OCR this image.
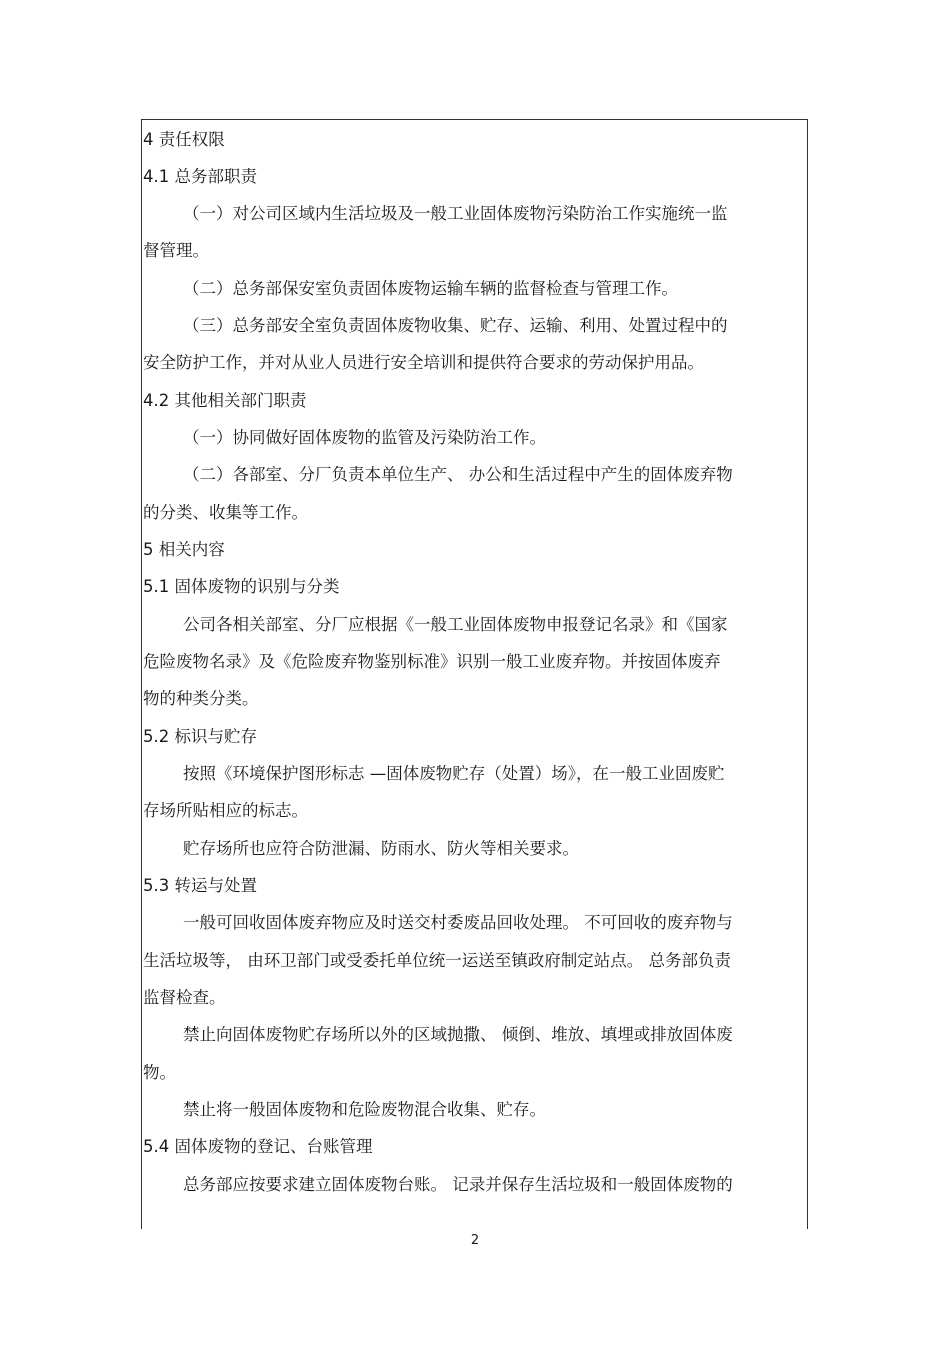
4 责任权限
4.1 总务部职责
（一）对公司区域内生活垃圾及一般工业固体废物污染防治工作实施统一监
督管理。
（二）总务部保安室负责固体废物运输车辆的监督检查与管理工作。
（三）总务部安全室负责固体废物收集、贮存、运输、利用、处置过程中的
安全防护工作，并对从业人员进行安全培训和提供符合要求的劳动保护用品。
4.2 其他相关部门职责
（一）协同做好固体废物的监管及污染防治工作。
（二）各部室、分厂负责本单位生产、 办公和生活过程中产生的固体废弃物
的分类、收集等工作。
5 相关内容
5.1 固体废物的识别与分类
公司各相关部室、分厂应根据《一般工业固体废物申报登记名录》和《国家
危险废物名录》及《危险废弃物鉴别标准》识别一般工业废弃物。并按固体废弃
物的种类分类。
5.2 标识与贮存
按照《环境保护图形标志 —固体废物贮存（处置）场》，在一般工业固废贮
存场所贴相应的标志。
贮存场所也应符合防泄漏、防雨水、防火等相关要求。
5.3 转运与处置
一般可回收固体废弃物应及时送交村委废品回收处理。 不可回收的废弃物与
生活垃圾等， 由环卫部门或受委托单位统一运送至镇政府制定站点。 总务部负责
监督检查。
禁止向固体废物贮存场所以外的区域抛撒、 倾倒、堆放、填埋或排放固体废
物。
禁止将一般固体废物和危险废物混合收集、贮存。
5.4 固体废物的登记、台账管理
总务部应按要求建立固体废物台账。 记录并保存生活垃圾和一般固体废物的
2
